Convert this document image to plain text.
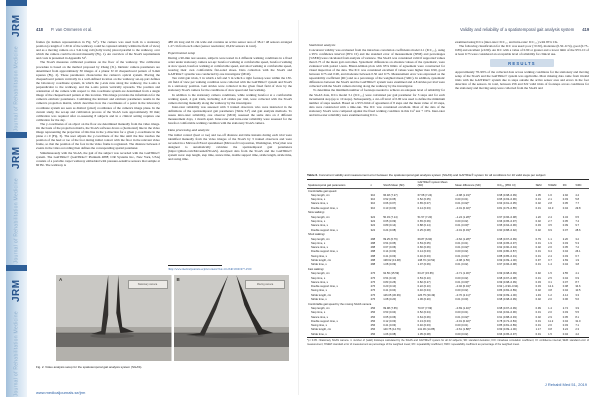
JRM
Journal of Rehabilitation Medicine
JRM
Journal of Rehabilitation Medicine
JRM
Journal of Rehabilitation Medicine
418 P. van Ommeren et al.

frames (in human representation in Fig. S1¹). The camera was used both in a stationary position (a length of 1.30 m of the walkway could be captured reliably within the field of view) and as a moving camera on a 3-m long rail (dolly track) placed parallel to the walkway, over which the camera could be moved manually (Fig. 1). An overview of the SGAS requirements and costs is presented in Appendix S1¹.

The SGAS measures calibrated positions on the floor of the walkway. The calibration procedure is based on the method proposed by Zhang (31). Intrinsic camera parameters are determined from approximately 30 images of a planar 6×10 chequerboard pattern of 9-mm squares (Fig. 2). These parameters characterize the camera's optical system. Placing the chequerboard pattern vertically in a well-defined location on the walkway set-up part defines the laboratory coordinate system, in which the y-axis runs along the walkway, the x-axis is perpendicular to the walkway, and the z-axis points vertically upwards. The position and orientation of the camera with respect to this coordinate system are determined from a single image of the chequerboard pattern at this location. This image provides the information for the camera's extrinsic parameters. Combining the intrinsic and extrinsic parameters results in the camera's projection matrix, which describes how the coordinates of a point in the laboratory coordinate system are seen as distinct (pixel) coordinates of the camera's image plane. In the current study, the set-up and calibration process of the SGAS took approximately 30 min; calibration was required after re-assessing 8 subjects and in a clinical setting requires one calibration for the day.

The y-coordinates of an object on the floor are determined manually from the video image. On the basis of the projection matrix, the SGAS software draws a (horizontal) line in the video image representing the projection of this line in the y-direction for a given y-coordinate in the plane z = 0 (Fig. 3). The user adjusts the y-coordinate of the line until the line touches the position of the heel or toe of the foot during initial contact with the floor in the relevant video frame, so that the position of the foot in the video frame is registered. The distance between 2 events in the video recording then defines the corresponding spatial parameter.

Simultaneously with the SGAS, the gait of the subject was recorded with the GAITRite® system. The GAITRite® (GAITRite® Platinum 488F, CIR Systems Inc., New York, USA) consists of a portable carpet walkway embedded with pressure-sensitive sensors that sample at 60 Hz. The walkway is

488 cm long and 61 cm wide and contains an active sensor area of 38.4 × 48 sensors arranged 1.27 cm from each other (sensor resolution; 18,432 sensors in total).

Experimental setup

During a 90-min test session, subjects were tested in 4 different walking conditions in a fixed order under stationary camera set-up: barefoot walking at comfortable speed, barefoot walking at slow speed, barefoot walking at comfortable speed, and shod walking at comfortable speed, wearing their own comfortable flat-soled shoes. Data collection with the SGAS and GAITRite® systems was conducted by one investigator (MvO).

Ten valid gait trials, 5 in which a left and 5 in which a right footstep were within the 130-cm field of view per walking condition were collected with the GAITRite® system and SGAS in a stationary position. Gait strides were collected in the given fixed field of view by the stationary SGAS camera for the conditions of slow speed and fast walking.

In addition to the stationary camera conditions, while walking barefoot at a comfortable walking speed, 4 gait trials, including 4–8 strides per trial, were collected with the SGAS camera moving manually along the walkway by the investigator.

Inter-rater reliability was assessed with 3 trained observers who were instructed in the definitions of the spatiotemporal gait parameters (Table S1¹) and gait analysis methods. To assess intra-rater reliability, one observer (MvO) assessed the same data on 2 different measurement days, 1 month apart. Inter-rater and intra-rater reliability were assessed for the barefoot comfortable walking condition with the stationary SGAS camera.

Data processing and analysis

The initial contact (heel or toe) and toe-off distance and time instants during each trial were identified manually from the video images of the SGAS by 3 trained observers and were recorded in a Microsoft Excel spreadsheet (Microsoft Corporation, Washington, USA) that was designed to automatically calculate the spatiotemporal gait parameters (https://github.com/Moveshelf/SGAS). Analysed data from the SGAS and the GAITRite® system were: step length, step time, stance time, double support time, stride length, stride time, and swing time.

¹http://www.medicaljournals.se/jrm/content/?doi=10.2340/16501977-2559
A
Stationary camera
B
Moving camera
Fig. 2. Video analysis setup for the spatiotemporal gait analysis system (SGAS).
www.medicaljournals.se/jrm
Validity and reliability of a spatiotemporal gait analysis system 419
Statistical analysis

Concurrent validity was evaluated from the intraclass correlation coefficients model 2.1 (ICC₂,₁), using a 95% confidence interval (95% CI) and the standard error of measurement (SEM) and percentages (%SEM) were calculated from analysis of variance. The SGAS was considered valid if supported values than 0.75 of the mean gait outcomes. Systematic differences on absolute values of the systematic, were evaluated with paired t-tests. Bland-Altman plots with 95% limits of agreement were constructed for visual inspection of the data. The ICC was considered excellent if values were higher than 0.90, good between 0.75 and 0.90, and moderate between 0.50 and 0.75. Measurement error was expressed as the repeatability coefficient (RC) and as a percentage of the weighted mean (%RC). In addition, systematic differences between the SGAS and the GAITRite® system were examined and 4-8 strides per trial were collected with the SGAS camera moving along the walkway by the investigator.

To determine the minimum number of footsteps needed to achieve an adequate level of reliability for the SGAS data, ICCs model 3.1 (ICC₃,₁) were calculated per gait parameter for 3 steps and for each incremental step (up to 10 steps). Subsequently, a cut-off level of 0.90 was used to define the minimum number of steps needed. Based on a 95% limit of agreement of 8 steps and the mean value of 10 steps, data were constructed with a time-run. The ICC was considered excellent. Most of the data of the stationary SGAS were compared against the fixed walking condition in this Cu² test + 10%. Inter-rater and intra-rater reliability were examined using ICCs.

examined using ICCs (inter-rater: ICC₂,₁ and intra-rater: ICC₃,₁) with 95% CIs.

The following classification for the ICC was used: poor (<0.50), moderate (0.50–0.74), good (0.75–0.89) and excellent (≥0.90). An ICC with a value of 0.90 or greater and a lower limit of the 95% CI of at least 0.75 were considered an acceptable level of reliability for clinical use.

RESULTS

Approximately 78–99% of the collected data across walking conditions for the stationary and moving setup of the SGAS and the GAITRite® system was applicable. Most missing data came from invalid trials with the GAITRite® system due to steps outside the active sensor area and errors in the foot detection of the sensors. In total, between 256 and 322 valid trials of footsteps across conditions for the stationary and moving setup were collected from the SGAS and

Table II. Concurrent validity and measurement error between the spatiotemporal gait analysis system (SGAS) and GAITRite® system for all conditions for 10 valid steps per subject
Spatiotemporal gait parameters	n	SGAS Mean (SD)	GAITRite® system Mean (SD)	Mean difference (SD)	ICC₂,₁ [95% CI]	SEM	%SEM	RC	%RC
Comfortable gait speedᵃ									
Step length, cm	310	66.48 (7.27)	67.68 (7.24)	−0.98 (1.19)*	0.98 (0.98–0.99)	1.05	1.6	2.92	4.4
Step time, s	310	0.52 (0.05)	0.52 (0.05)	0.00 (0.01)	0.95 (0.93–0.96)	0.01	2.1	0.03	5.8
Stance time, s	310	0.66 (0.07)	0.65 (0.07)	0.01 (0.02)*	0.93 (0.91–0.95)	0.02	2.8	0.05	7.7
Double support time, s	310	0.13 (0.03)	0.14 (0.03)	−0.01 (0.02)*	0.81 (0.76–0.85)	0.01	10.3	0.04	29.8
Slow walkingᵃ									
Step length, cm	322	50.33 (7.14)	51.57 (7.20)	−1.24 (1.28)*	0.97 (0.96–0.98)	1.20	2.4	3.34	6.5
Step time, s	322	0.65 (0.09)	0.65 (0.09)	0.00 (0.02)	0.96 (0.95–0.97)	0.02	2.7	0.05	7.4
Stance time, s	322	0.89 (0.14)	0.88 (0.14)	0.01 (0.03)*	0.95 (0.94–0.96)	0.03	3.5	0.09	9.7
Double support time, s	322	0.24 (0.08)	0.25 (0.08)	−0.01 (0.03)*	0.90 (0.88–0.92)	0.02	9.9	0.07	28.6
Shod walkingᵃ									
Step length, cm	288	69.25 (6.76)	69.87 (6.90)	−0.62 (1.28)*	0.98 (0.97–0.99)	0.79	1.1	2.20	3.2
Step time, s	288	0.54 (0.05)	0.53 (0.05)	0.01 (0.01)	0.96 (0.95–0.97)	0.01	1.9	0.03	5.3
Stance time, s	288	0.67 (0.06)	0.66 (0.06)	0.01 (0.02)*	0.92 (0.90–0.94)	0.02	2.6	0.05	7.2
Double support time, s	288	0.14 (0.03)	0.14 (0.03)	0.00 (0.02)	0.84 (0.80–0.87)	0.01	9.4	0.04	26.1
Swing time, s	288	0.41 (0.03)	0.40 (0.03)	0.01 (0.01)*	0.88 (0.85–0.91)	0.01	2.4	0.03	6.7
Stride length, cm	288	138.62 (13.48)	138.70 (13.52)	−0.08 (1.56)	0.99 (0.99–1.00)	0.97	0.7	2.69	1.9
Stride time, s	288	1.08 (0.09)	1.07 (0.09)	0.01 (0.02)	0.97 (0.96–0.98)	0.01	1.4	0.04	3.8
Fast walkingᵃ									
Step length, cm	276	62.56 (15.59)	63.27 (15.65)	−0.71 (1.30)*	0.99 (0.98–0.99)	0.92	1.5	2.55	4.1
Step time, s	276	0.54 (0.10)	0.53 (0.10)	0.00 (0.02)	0.98 (0.97–0.98)	0.01	2.5	0.04	6.9
Stance time, s	276	0.83 (0.26)	0.82 (0.27)	0.01 (0.03)*	0.99 (0.98–0.99)	0.03	3.1	0.07	8.7
Double support time, s	276	0.20 (0.10)	0.22 (0.10)	−0.02 (0.04)*	0.92 (−0.90–0.94)	0.03	12.4	0.08	34.6
Swing time, s	276	0.41 (0.04)	0.40 (0.04)	0.00 (0.02)	0.86 (0.82–0.89)	0.02	3.8	0.04	10.5
Stride length, cm	276	126.05 (30.39)	126.75 (30.49)	−0.70 (2.11)*	0.99 (0.99–1.00)	1.49	1.2	4.14	3.3
Stride time, s	276	1.08 (0.20)	1.06 (0.20)	0.01 (0.03)	0.98 (0.98–0.99)	0.02	2.0	0.06	5.6
Comfortable gait speed by the moving SGAS camera									
Step length, cm	256	69.98 (7.65)	70.67 (7.69)	−0.69 (1.40)*	0.98 (0.97–0.99)	0.99	1.4	2.74	3.9
Step time, s	256	0.53 (0.04)	0.52 (0.04)	0.00 (0.01)	0.94 (0.92–0.96)	0.01	2.0	0.03	5.5
Stance time, s	256	0.65 (0.06)	0.64 (0.06)	0.01 (0.02)*	0.91 (0.88–0.93)	0.02	2.9	0.05	8.1
Double support time, s	256	0.12 (0.03)	0.13 (0.03)	−0.01 (0.02)*	0.78 (0.72–0.83)	0.01	11.2	0.04	31.0
Swing time, s	256	0.41 (0.03)	0.40 (0.03)	0.00 (0.01)	0.85 (0.81–0.89)	0.01	2.6	0.03	7.1
Stride length, cm	256	140.75 (14.79)	141.36 (14.85)	−0.61 (1.88)*	0.99 (0.99–1.00)	1.17	0.8	3.24	2.3
Stride time, s	256	1.06 (0.08)	1.05 (0.08)	0.00 (0.02)	0.96 (0.95–0.97)	0.01	1.5	0.04	4.2
*p < 0.05. ᵃStationary SGAS camera. n: number of (valid) footsteps calculated by the SGAS and GAITRite® system for all 22 subjects; SD: standard deviation; ICC: intraclass correlation coefficient; CI: confidence interval; SEM: standard error of measurement; %SEM: standard error of measurement as percentage of the weighted mean; RC: repeatability coefficient; %RC: repeatability coefficient as percentage of the weighted mean.
J Rehabil Med 51, 2019
